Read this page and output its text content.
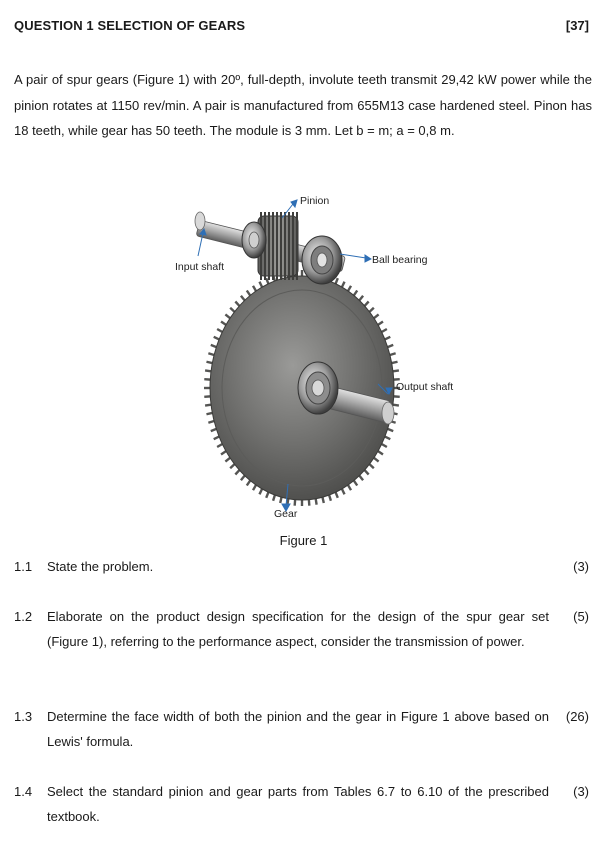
QUESTION 1 SELECTION OF GEARS	[37]

A pair of spur gears (Figure 1) with 20º, full-depth, involute teeth transmit 29,42 kW power while the pinion rotates at 1150 rev/min. A pair is manufactured from 655M13 case hardened steel. Pinon has 18 teeth, while gear has 50 teeth. The module is 3 mm. Let b = m; a = 0,8 m.

Pinion
Input shaft
Ball bearing
Output shaft
Gear
Figure 1
1.1 State the problem.	(3)
1.2 Elaborate on the product design specification for the design of the spur gear set (Figure 1), referring to the performance aspect, consider the transmission of power.
(5)
1.3 Determine the face width of both the pinion and the gear in Figure 1 above based on Lewis' formula.
(26)
1.4 Select the standard pinion and gear parts from Tables 6.7 to 6.10 of the prescribed textbook.
(3)
